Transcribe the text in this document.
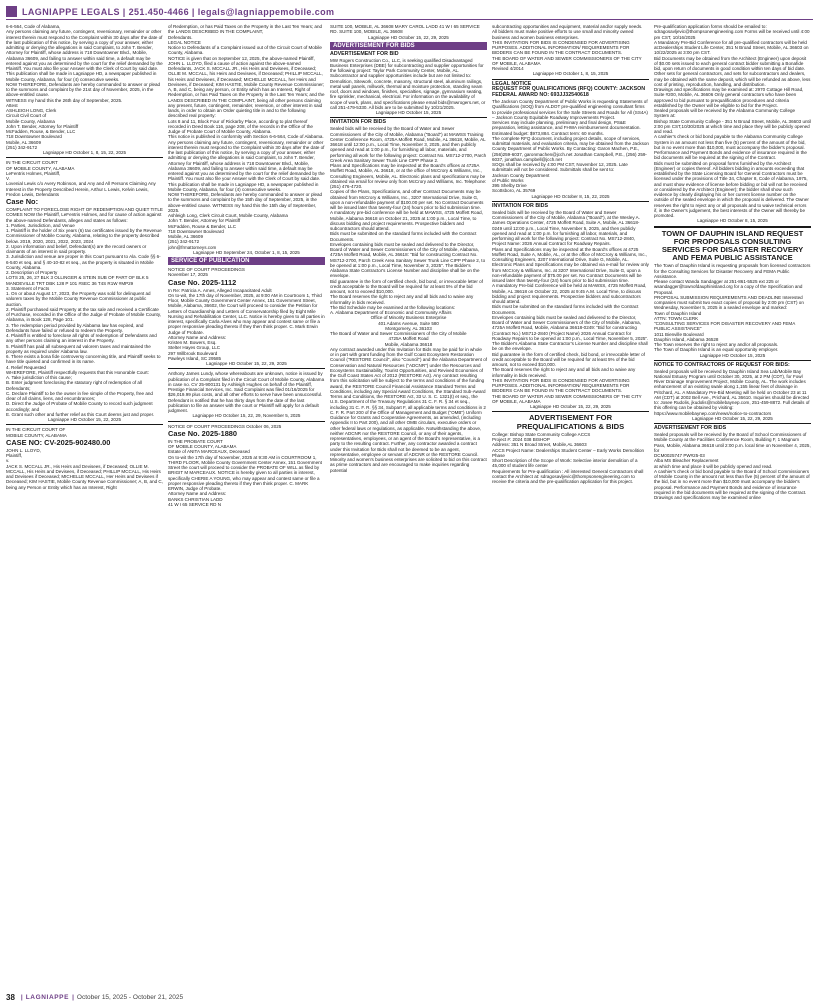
LAGNIAPPE LEGALS | 251.450-4466 | legals@lagniappemobile.com

6-6-564, Code of Alabama,

Any persons claiming any future, contingent, reversionary, remainder or other interest therein must respond to the Complaint within 30 days after the date of the last publication of this notice, by serving a copy of your answer, either admitting or denying the allegations in said Complaint, to John T. Bender, Attorney for Plaintiff, whose address is 718 Downtowner Blvd., Mobile, Alabama 36609, and failing to answer within said time, a default may be entered against you as determined by the court for the relief demanded by the Plaintiff. You must also file your Answer with the Clerk of Court by said date. This publication shall be made in Lagniappe HD, a newspaper published in Mobile County, Alabama, for four (4) consecutive weeks.

NOW THEREFORE, Defendants are hereby commanded to answer or plead to the summons and complaint by the 21st day of November, 2025, in the above-entitled cause.

WITNESS my hand this the 26th day of September, 2025.

Attest

ASHLEIGH LONG, Clerk

Circuit Civil Court of

Mobile County, Alabama

John T. Bender, Attorney for Plaintiff

McFadden, Rouse, & Bender, LLC

718 Downtowner Boulevard

Mobile, AL 36609

(251) 342-9172

Lagniappe HD October 1, 8, 15, 22, 2025

IN THE CIRCUIT COURT

OF MOBILE COUNTY, ALABAMA

LeFentris Holmes, Plaintiff,

V.

Lovenial Lewis c/o Avery Robinson, and Any and All Persons Claiming Any Interest in the Property Described Herein, Arthur L Lewis, Kelvin Lewis, Fredon Lewis, Defendants

Case No:

COMPLAINT TO FORECLOSE RIGHT OF REDEMPTION AND QUIET TITLE

COMES NOW the Plaintiff, LeFentris Holmes, and for cause of action against the above-named Defendants, alleges and states as follows:

1. Parties, Jurisdiction, and Venue

1. Plaintiff is the holder of Six years (6) tax certificates issued by the Revenue Commissioner of Mobile County, Alabama, relating to the property described below. 2019, 2020, 2021, 2022, 2023, 2024

2. Upon information and belief, Defendant(s) are the record owners or claimants of an interest in said property.

3. Jurisdiction and venue are proper in this Court pursuant to Ala. Code §§ 6-6-540 et seq. and § 40-10-82 et seq., as the property is situated in Mobile County, Alabama.

2. Description of Property

LOTS 25, 26, 27 BLK 3 OLLINGER & STEIN SUB OF PART OF BLK 5 MANDEVILLE TRT DBK 128 P 101 #SEC 36 T4S R1W #MP29

3. Statement of Facts

1. On or about August 17, 2023, the Property was sold for delinquent ad valorem taxes by the Mobile County Revenue Commissioner at public auction.

2. Plaintiff purchased said Property at the tax sale and received a Certificate of Purchase, recorded in the Office of the Judge of Probate of Mobile County, Alabama, in Book 128, Page 101.

3. The redemption period provided by Alabama law has expired, and Defendants have failed or refused to redeem the Property.

4. Plaintiff is entitled to foreclose all rights of redemption of Defendants and any other persons claiming an interest in the Property.

5. Plaintiff has paid all subsequent ad valorem taxes and maintained the property as required under Alabama law.

6. There exists a bona fide controversy concerning title, and Plaintiff seeks to have title quieted and confirmed in its name.

4. Relief Requested

WHEREFORE, Plaintiff respectfully requests that this Honorable Court:

A. Take jurisdiction of this cause;

B. Enter judgment foreclosing the statutory right of redemption of all Defendants;

C. Declare Plaintiff to be the owner in fee simple of the Property, free and clear of all claims, liens, and encumbrances;

D. Direct the Judge of Probate of Mobile County to record such judgment accordingly; and

E. Grant such other and further relief as this Court deems just and proper.

Lagniappe HD October 15, 22, 2025

IN THE CIRCUIT COURT OF

MOBILE COUNTY, ALABAMA

CASE NO: CV-2025-902480.00

JOHN L. LLOYD,

Plaintiff,

v.

JACK S. MCCALL JR., His Heirs and Devisees, if Deceased; OLLIE M. MCCALL, His Heirs and Devisees, if Deceased; PHILLIP MCCALL, His Heirs and Devisees if Deceased; MICHELLE MCCALL, Her Heirs and Devisees if Deceased; KIM HASTIE, Mobile County Revenue Commissioner; A, B, and C, being any Person or Entity which has an Interest, Right

of Redemption, or has Paid Taxes on the Property in the Last Ten Years; and the LANDS DESCRIBED IN THE COMPLAINT,

Defendants.

LEGAL NOTICE

Notice to Defendants of a Complaint issued out of the Circuit Court of Mobile County, Alabama.

NOTICE is given that on September 12, 2025, the above-named Plaintiff, JOHN L. LLOYD, filed a cause of action against the above-named Defendants, JACK S. MCCALL JR., His Heirs and Devisees, if Deceased; OLLIE M. MCCALL, his Heirs and Devisees, if Deceased; PHILLIP MCCALL, his Heirs and Devisees, if Deceased; MICHELLE MCCALL, her Heirs and Devisees, if Deceased; KIM HASTIE, Mobile County Revenue Commissioner; A, B, and C, being any person, or Entity which has an Interest, Right of Redemption, or has Paid Taxes on the Property in the Last Ten Years; and the LANDS DESCRIBED IN THE COMPLAINT, being all other persons claiming any present, future, contingent, remainder, reversion, or other interest in said lands, in order to obtain an Order quieting title in and to the following described real property:

Lots 8 and 11, Block Four of Rickarby Place, according to plat thereof recorded in Deed Book 116, page 208, of the records in the Office of the Judge of Probate Court of Mobile County, Alabama.

This notice is published in conformity with Section 6-6-564, Code of Alabama.

Any persons claiming any future, contingent, reversionary, remainder or other interest therein must respond to the Complaint within 30 days after the date of the last publication of this notice, by serving a copy of your answer, either admitting or denying the allegations in said Complaint, to John T. Bender, Attorney for Plaintiff, whose address is 718 Downtowner Blvd., Mobile, Alabama 36609, and failing to answer within said time, a default may be entered against you as determined by the court for the relief demanded by the Plaintiff. You must also file your Answer with the Clerk of Court by said date. This publication shall be made in Lagniappe HD, a newspaper published in Mobile County, Alabama, for four (4) consecutive weeks.

NOW THEREFORE, Defendants are hereby commanded to answer or plead to the summons and complaint by the 15th day of September, 2025, in the above-entitled cause. WITNESS my hand this the 15th day of September, 2025.

Ashleigh Long, Clerk Circuit Court, Mobile County, Alabama

John T. Bender, Attorney for Plaintiff

McFadden, Rouse & Bender, LLC

718 Downtowner Boulevard

Mobile, AL 36609

(251) 342-9172

john@frmattorneys.com

Lagniappe HD September 24, October 1, 8, 15, 2025

SERVICE OF PUBLICATION

NOTICE OF COURT PROCEEDINGS

November 17, 2025

Case No. 2025-1112

In Re: Patricia A. Ames, Alleged Incapacitated Adult

On to-wit, the 17th day of November, 2025, at 9:00 AM in Courtroom 1, Third Floor, Mobile County Government Center Annex, 151 Government Street, Mobile, Alabama, 36602, the Court will proceed to consider the Petition for Letters of Guardianship and Letters of Conservatorship filed by Eight Mile Nursing and Rehabilitation Center, LLC. Notice is hereby given to all parties in interest, specifically Carla Alves who may appear and contest same or file a proper responsive pleading thereto if they then think proper. C. Mark Erwin Judge of Probate.

Attorney Name and Address:

Kristen M. Bowers, Esq.

Stelter Hayes Group, LLC

297 Willbrook Boulevard

Pawleys Island, SC 29585

Lagniappe HD October 15, 22, 29, 2025

Anthony James Lundy, whose whereabouts are unknown, notice is issued by publication of a Complaint filed in the Circuit Court of Mobile County, Alabama in case no. CV 25-900131 by Ashleigh Hughes on behalf of the Plaintiff, Prestige Financial Services, Inc. Said Complaint was filed 01/16/2025 for $26,019.99 plus costs, and all other efforts to serve have been unsuccessful. Defendant is notified that he has thirty days from the date of the last publication to file an answer with the court or Plaintiff will apply for a default judgment.

Lagniappe HD October 15, 22, 29, November 5, 2025

NOTICE OF COURT PROCEEDINGS October 06, 2025

Case No. 2025-1880

IN THE PROBATE COURT

OF MOBILE COUNTY, ALABAMA

Estate of ANITA MARCEAUX, Deceased

On to-wit the 17th day of November, 2025 at 9:30 AM in COURTROOM 1, THIRD FLOOR, Mobile County Government Center Annex, 151 Government Street the court will proceed to consider the PROBATE OF WILL as filed by BRIGIT M MARCEAUX. NOTICE is hereby given to all parties in interest, specifically CHERIE A YOUNG, who may appear and contest same or file a proper responsive pleading thereto if they then think proper. C. MARK ERWIN, Judge of Probate.

Attorney Name and Address:

BANKS CHRISTIAN LADD

41 W I 65 SERVICE RD N

SUITE 100, MOBILE, AL 36608 MARY CAROL LADD 41 W I 65 SERVICE RD. SUITE 100, MOBILE, AL 36608

Lagniappe HD October 15, 22, 29, 2025

ADVERTISEMENT FOR BIDS

ADVERTISEMENT FOR BID

MW Rogers Construction Co., LLC, is seeking qualified Disadvantaged Business Enterprises (DBE) for subcontracting and supplier opportunities for the following project: Taylor Park Community Center, Mobile, AL. Subcontractor and supplier opportunities include but are not limited to: Demolition, Sitework, concrete, masonry, structural steel, aluminum railings, metal wall panels, millwork, thermal and moisture protection, standing seam roof, doors and windows, finishes, specialties, signage, gymnasium seating, fire sprinkler, mechanical, electrical. For information on the availability of scope of work, plans, and specifications please email bids@mwrogers.net, or call 251-479-5330. All bids are to be submitted by 10/21/2025.

Lagniappe HD October 15, 2025

INVITATION FOR BIDS

Sealed bids will be received by the Board of Water and Sewer Commissioners of the City of Mobile, Alabama ("Board") at MAWSS Training Center Conference Room, 4725A Moffett Road, Mobile, AL 36618, Mobile, AL 36618 until 12:00 p.m., Local Time, November 3, 2025, and then publicly opened and read at 1:00 p.m., for furnishing all labor, materials, and performing all work for the following project: Contract No. MS712-2700, Parch Creek Area Sanitary Sewer Trunk Line CIPP Phase 2.

Plans and Specifications may be inspected at the Board's offices at 4725A Moffett Road, Mobile, AL 36618, or at the office of McCrory & Williams, Inc., Consulting Engineers, Mobile, AL. Electronic plans and specifications may be obtained via email for review only from McCrory and Williams, Inc. Telephone: (251) 476-4720.

Copies of the Plans, Specifications, and other Contract Documents may be obtained from McCrory & Williams, Inc., 3207 International Drive, Suite G, upon a non-refundable payment of $100.00 per set. No Contract Documents will be issued later than twenty-four (24) hours prior to bid submission time.

A mandatory pre-bid conference will be held at MAWSS, 4725 Moffett Road, Mobile, Alabama 36618 on October 21, 2025 at 1:00 p.m., Local Time, to discuss bidding and project requirements. Prospective bidders and subcontractors should attend.

Bids must be submitted on the standard forms included with the Contract Documents.

Envelopes containing bids must be sealed and delivered to the Director, Board of Water and Sewer Commissioners of the City of Mobile, Alabama, 4725A Moffett Road, Mobile, AL 36618: "Bid for constructing Contract No. MS712-2700, Parch Creek Area Sanitary Sewer Trunk Line CIPP Phase 2, to be opened at 1:00 p.m., Local Time, November 3, 2025". The Bidder's Alabama State Contractor's License Number and discipline shall be on the envelope.

Bid guarantee in the form of certified check, bid bond, or irrevocable letter of credit acceptable to the Board will be required for at least 5% of the bid amount, not to exceed $10,000.

The Board reserves the right to reject any and all bids and to waive any informality in bids received.

The Bid Schedule may be examined at the following locations:

A. Alabama Department of Economic and Community Affairs

Office of Minority Business Enterprise

401 Adams Avenue, Suite 580

Montgomery, AL 36103

The Board of Water and Sewer Commissioners of the City of Mobile

4725A Moffett Road

Mobile, Alabama 36618

Any contract awarded under this Invitation for Bids may be paid for in whole or in part with grant funding from the Gulf Coast Ecosystem Restoration Council ("RESTORE Council", also "Council") and the Alabama Department of Conservation and Natural Resources ("ADCNR") under the Resources and Ecosystems Sustainability, Tourist Opportunities, and Revived Economies of the Gulf Coast States Act of 2012 (RESTORE Act). Any contract resulting from this solicitation will be subject to the terms and conditions of the funding award, the RESTORE Council Financial Assistance Standard Terms and Conditions, including any Special Award Conditions, the Standard Sub-Award Terms and Conditions, the RESTORE Act, 33 U. S. C. 1321(t) et seq., the U.S. Department of the Treasury Regulations 31 C. F. R. § 34 et seq., including 31 C. F. R. §§ 34, Subpart F, all applicable terms and conditions in 2 C. F. R. Part 200 of the Office of Management and Budget ("OMB") Uniform Guidance for Grants and Cooperative Agreements, as amended, (including Appendix II to Part 200), and all other OMB circulars, executive orders or other federal laws or regulations, as applicable. Notwithstanding the above, neither ADCNR nor the RESTORE Council, or any of their agents, representatives, employees, or an agent of the Board's representative, is a party to the resulting contract. Further, any contractor awarded a contract under this Invitation for Bids shall not be deemed to be an agent, representative, employee or servant of ADCNR or the RESTORE Council.

Minority and women's business enterprises are solicited to bid on this contract as prime contractors and are encouraged to make inquiries regarding potential

subcontracting opportunities and equipment, material and/or supply needs.

All bidders must make positive efforts to use small and minority owned business and women business enterprises.

THIS INVITATION FOR BIDS IS CONDENSED FOR ADVERTISING PURPOSES. ADDITIONAL INFORMATION/ REQUIREMENTS FOR BIDDERS CAN BE FOUND IN THE CONTRACT DOCUMENTS.

THE BOARD OF WATER AND SEWER COMMISSIONERS OF THE CITY OF MOBILE, ALABAMA

Revised 4/2014

Lagniappe HD October 1, 8, 15, 2025

LEGAL NOTICE

REQUEST FOR QUALIFICATIONS (RFQ) COUNTY: JACKSON FEDERAL AWARD NO: 693JJ32540618

The Jackson County Department of Public Works is requesting Statements of Qualifications (SOQ) from ALDOT pre-qualified engineering consultant firms to provide professional services for the Safe Streets and Roads for All (SS4A) – Jackson County Equitable Roadway Improvements Project.

Services may include planning, preliminary and final design, PS&E preparation, letting assistance, and FHWA reimbursement documentation. Estimated budget: $973,884. Contract term: 60 months.

The complete RFQ document, including project details, scope of services, submittal materials, and evaluation criteria, may be obtained from the Jackson County Department of Public Works. By Contacting: Garon Machen, P.E., (256)259-6037, garonmachen@jcch.net Jonathan Campbell, P.E., (256) 259-6037, jonathan.campbell@jcch.net

SOQs shall be received by 4:00 PM CST, November 12, 2025. Late submittals will not be considered. Submittals shall be sent to:

Jackson County Department

of Public Works

395 Shelby Drive

Scottsboro, AL 35769

Lagniappe HD October 8, 15, 22, 2025

INVITATION FOR BIDS

Sealed bids will be received by the Board of Water and Sewer Commissioners of the City of Mobile, Alabama ("Board"), at the Wesley A. James Operations Center, 4725 Moffett Road, Suite A, Mobile, AL 36618-0249 until 12:00 p.m., Local Time, November 5, 2025, and then publicly opened and read at 1:00 p.m. for furnishing all labor, materials, and performing all work for the following project: Contract No. MS712-2840, Project Name: 2026 Annual Contract for Roadway Repairs.

Plans and Specifications may be inspected at the Board's offices at 4725 Moffett Road, Suite A, Mobile, AL, or at the office of McCrory & Williams, Inc., Consulting Engineers, 3207 International Drive, Suite G, Mobile, AL. Electronic Plans and Specifications may be obtained via e-mail for review only from McCrory & Williams, Inc. at 3207 International Drive, Suite G, upon a non-refundable payment of $75.00 per set. No Contract Documents will be issued later than twenty-four (24) hours prior to bid submission time.

A mandatory Pre-bid Conference will be held at MAWSS, 4725 Moffett Road, Mobile, AL 36618 on October 22, 2025 at 9:45 A.M. Local Time, to discuss bidding and project requirements. Prospective bidders and subcontractors should attend.

Bids must be submitted on the standard forms included with the Contract Documents.

Envelopes containing bids must be sealed and delivered to the Director, Board of Water and Sewer Commissioners of the City of Mobile, Alabama, 4725A Moffett Road, Mobile, Alabama 36618-0249: "Bid for constructing (Contract No.) MS712-2840 (Project Name) 2026 Annual Contract for Roadway Repairs to be opened at 1:00 p.m., Local Time, November 5, 2025". The Bidder's Alabama State Contractor's License Number and discipline shall be on the envelope.

Bid guarantee in the form of certified check, bid bond, or irrevocable letter of credit acceptable to the Board will be required for at least 5% of the bid amount, not to exceed $10,000.

The Board reserves the right to reject any and all bids and to waive any informality in bids received.

THIS INVITATION FOR BIDS IS CONDENSED FOR ADVERTISING PURPOSES. ADDITIONAL INFORMATION/ REQUIREMENTS FOR BIDDERS CAN BE FOUND IN THE CONTRACT DOCUMENTS.

THE BOARD OF WATER AND SEWER COMMISSIONERS OF THE CITY OF MOBILE, ALABAMA

Lagniappe HD October 15, 22, 29, 2025

ADVERTISEMENT FOR PREQUALIFICATIONS & BIDS

College: Bishop State Community College ACCS

Project #: 2024 038 BISHOP

Address: 351 N Broad Street, Mobile,AL 36603

ACCS Project Name: Dealerships Student Center – Early Works Demolition Phase

Short Description of the Scope of Work: Selective interior demolition of a 45,000 sf student life center

Requirements for Pre-qualification : All interested General Contractors shall contact the Architect at: sdragosavljevic@thompsonengineering.com to receive the criteria and the pre-qualification application for this project.

Pre-qualification application forms should be emailed to: sdragosavljevic@thompsonengineering.com Forms will be received until 4:00 pm CST, 10/16/2025

A Mandatory Pre-Bid Conference for all pre-qualified contractors will be held at:Dealerships Student Life Center, 351 N Broad Street, Mobile, AL 36603 on 10/22/2025 at 3:00 pm CST.

Bid Documents may be obtained from the Architect (Engineer) upon deposit of $0.00 sets issued to each general contract bidder submitting a Bonafide bid, upon return of documents in good condition within ten days of bid date. Other sets for general contractors, and sets for subcontractors and dealers, may be obtained with the same deposit, which will be refunded as above, less cost of printing, reproduction, handling, and distribution.

Drawings and specifications may be examined at: 2970 Cottage Hill Road, Suite #200, Mobile, AL 36606 Only general contractors who have been approved to bid pursuant to prequalification procedures and criteria established by the Owner will be eligible to bid for the Project.

Sealed proposals will be received by the Alabama Community College System at:

Bishop State Community College - 351 N Broad Street, Mobile, AL 36603 until 2:00 pm CST,10/30/2025 at which time and place they will be publicly opened and read.

A cashier's check or bid bond payable to the Alabama Community College System in an amount not less than five (5) percent of the amount of the bid, but in no event more than $10,000, must accompany the bidder's proposal. Performance and Payment Bonds and evidence of insurance required in the bid documents will be required at the signing of the Contract.

Bids must be submitted on proposal forms furnished by the Architect (Engineer) or copies thereof. All bidders bidding in amounts exceeding that established by the State Licensing Board for General Contractors must be licensed under the provisions of Title 34, Chapter 8, Code of Alabama, 1975, and must show evidence of license before bidding or bid will not be received or considered by the Architect (Engineer); the bidder shall show such evidence by clearly displaying his or her current license number on the outside of the sealed envelope in which the proposal is delivered. The Owner reserves the right to reject any or all proposals and to waive technical errors if, in the Owner's judgement, the best interests of the Owner will thereby be promoted.

Lagniappe HD October 8, 15, 2025

TOWN OF DAUPHIN ISLAND REQUEST FOR PROPOSALS CONSULTING SERVICES FOR DISASTER RECOVERY AND FEMA PUBLIC ASSISTANCE

The Town of Dauphin Island is requesting proposals from licensed contractors for the Consulting Services for Disaster Recovery and FEMA Public Assistance.

Please contact Wanda Sandagger at 251-861-5525 ext 225 or wsandagger@townofdauphinisland.org for a copy of the Specification and Proposal.

PROPOSAL SUBMISSION REQUIREMENTS AND DEADLINE Interested companies must submit two exact copies of proposal by 2:00 pm (CST) on Wednesday, November 5, 2025 in a sealed envelope and marked:

Town of Dauphin Island

ATTN: TOWN CLERK

"CONSULTING SERVICES FOR DISASTER RECOVERY AND FEMA PUBLIC ASSISTANCE"

1011 Bienville Boulevard

Dauphin Island, Alabama 36528

The Town reserves the right to reject any and/or all proposals.

The Town of Dauphin Island is an equal opportunity employer.

Lagniappe HD October 15, 2025

NOTICE TO CONTRACTORS OF REQUEST FOR BIDS:

Sealed proposals will be received by Dauphin Island Sea Lab/Mobile Bay National Estuary Program until October 30, 2025, at 2 PM (CDT), for Fowl River Drainage Improvement Project, Mobile County, AL. The work includes enhancement of an existing swale along 1,155 linear feet of drainage in Pritchard, AL. A Mandatory Pre-Bid Meeting will be held on October 23 at 11 AM (CDT) at 2002 Bell Ave., Prichard, AL 36610. Inquiries should be directed to: Josee Rudolis, jkudolis@mobilebaynep.com, 251-459-8872. Full details of this offering can be obtained by visiting: https://www.mobilebaynep.com/news/notice-to-contractors

Lagniappe HD October 15, 22, 29, 2025

ADVERTISEMENT FOR BIDS

Sealed proposals will be received by the Board of School Commissioners of Mobile County at the Facilities Conference Room, Building F, 1 Magnum Pass, Mobile, Alabama 36618 until 2:00 p.m. local time on November 4, 2025, for

DCM0025747 PW#25-03

Alba MS Bleacher Replacement

at which time and place it will be publicly opened and read.

A cashier's check or bid bond payable to the Board of School Commissioners of Mobile County in the amount not less than five (5) percent of the amount of the bid, but in no event more than $10,000 must accompany the bidder's proposal. Performance and Payment Bonds and evidence of insurance required in the bid documents will be required at the signing of the Contract.

Drawings and specifications may be examined online

38 | LAGNIAPPE | October 15, 2025 - October 21, 2025
